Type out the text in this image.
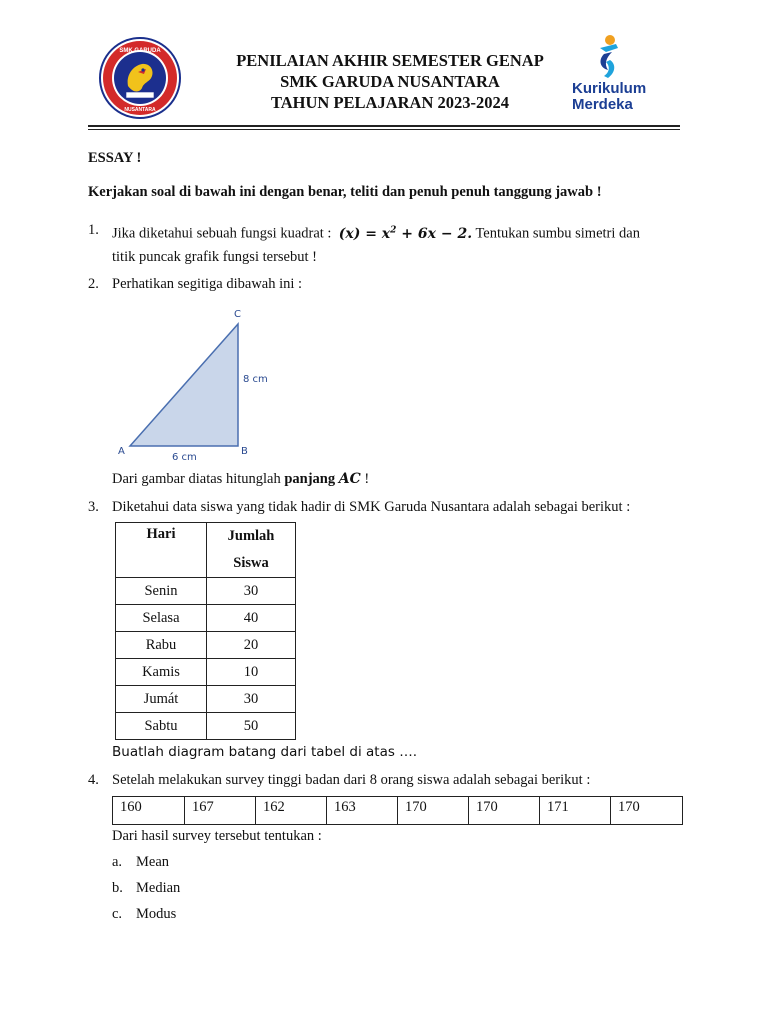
SMK GARUDA
NUSANTARA
PENILAIAN AKHIR SEMESTER GENAP
SMK GARUDA NUSANTARA
TAHUN PELAJARAN 2023-2024
Kurikulum
Merdeka
ESSAY !
Kerjakan soal di bawah ini dengan benar, teliti dan penuh penuh tanggung jawab !
1. Jika diketahui sebuah fungsi kuadrat : $(x) = x^2 + 6x - 2$. Tentukan sumbu simetri dan
titik puncak grafik fungsi tersebut !
2. Perhatikan segitiga dibawah ini :
A	B
C
8 cm
6 cm
Dari gambar diatas hitunglah panjang AC !
3. Diketahui data siswa yang tidak hadir di SMK Garuda Nusantara adalah sebagai berikut :
Hari	Jumlah
Siswa

Senin	30
Selasa	40
Rabu	20
Kamis	10
Jumát	30
Sabtu	50
Buatlah diagram batang dari tabel di atas ….
4. Setelah melakukan survey tinggi badan dari 8 orang siswa adalah sebagai berikut :
160	167	162	163	170	170	171	170
Dari hasil survey tersebut tentukan :
a. Mean
b. Median
c. Modus
